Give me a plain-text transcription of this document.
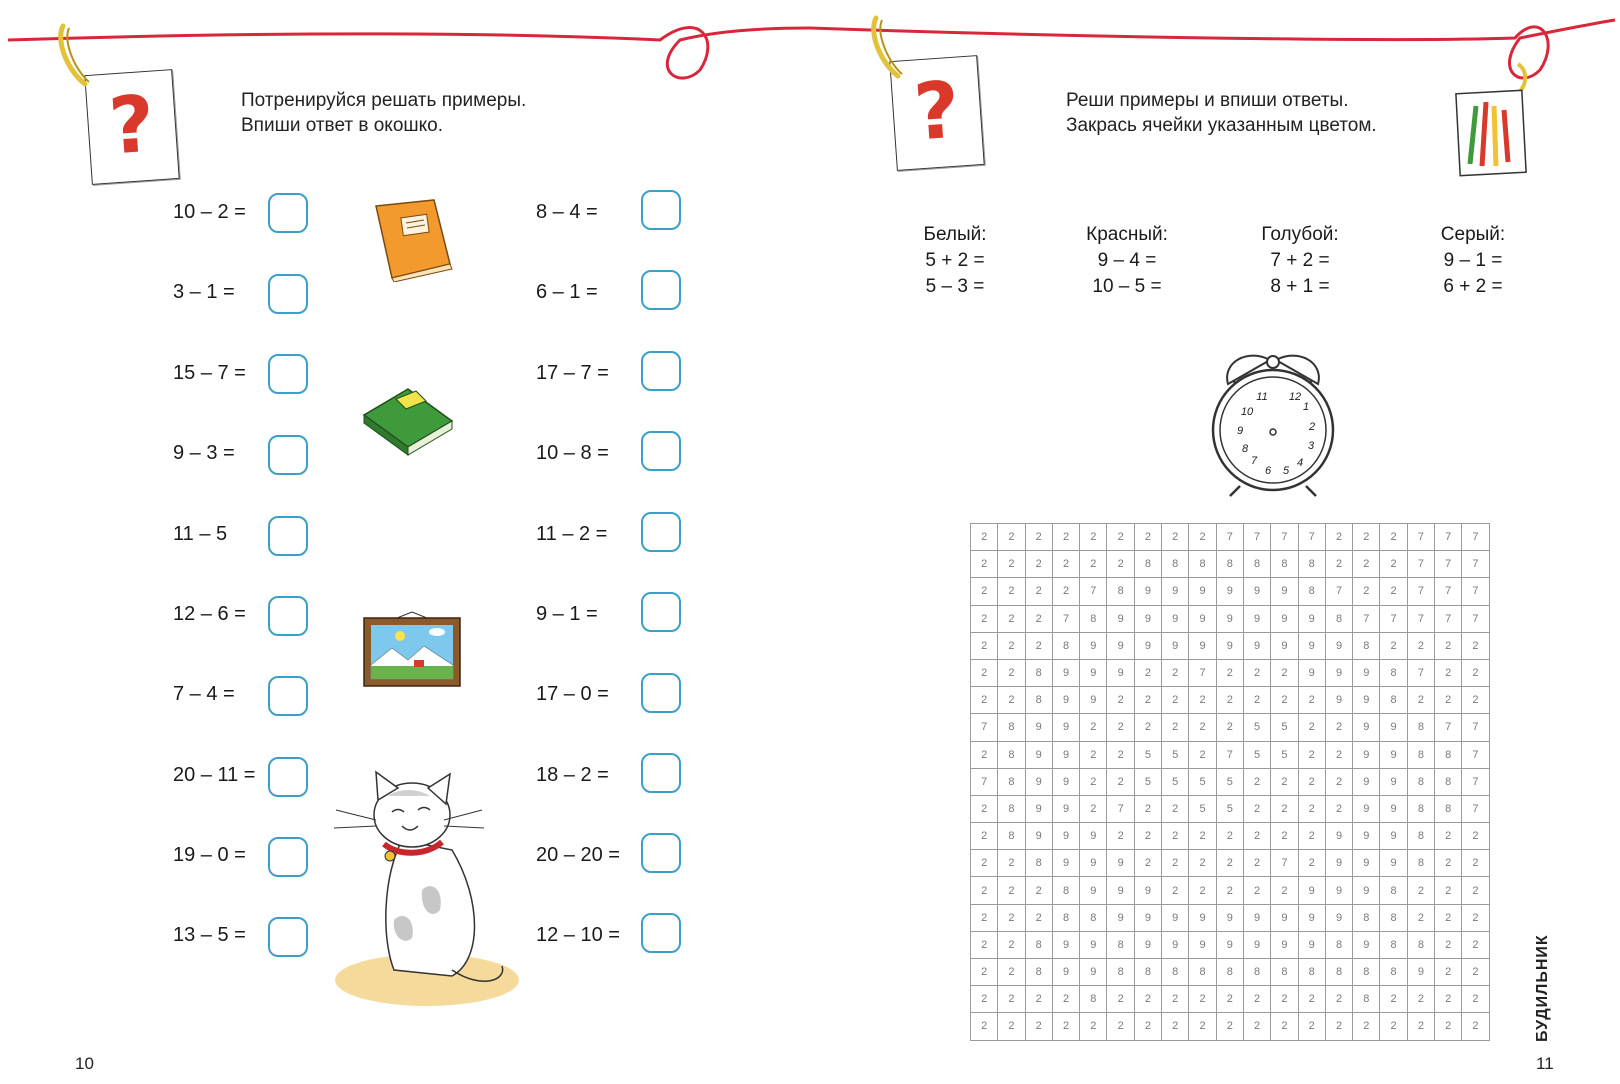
?	Потренируйся решать примеры.
Впиши ответ в окошко.
10 – 2 =
3 – 1 =
15 – 7 =
9 – 3 =
11 – 5
12 – 6 =
7 – 4 =
20 – 11 =
19 – 0 =
13 – 5 =
8 – 4 =
6 – 1 =
17 – 7 =
10 – 8 =
11 – 2 =
9 – 1 =
17 – 0 =
18 – 2 =
20 – 20 =
12 – 10 =
10
?	Реши примеры и впиши ответы.
Закрась ячейки указанным цветом.
Белый:
5 + 2 =
5 – 3 =
Красный:
9 – 4 =
10 – 5 =
Голубой:
7 + 2 =
8 + 1 =
Серый:
9 – 1 =
6 + 2 =
12
1
2
3
4
5
6
7
8
9
10
11
2	2	2	2	2	2	2	2	2	7	7	7	7	2	2	2	7	7	7
2	2	2	2	2	2	8	8	8	8	8	8	8	2	2	2	7	7	7
2	2	2	2	7	8	9	9	9	9	9	9	8	7	2	2	7	7	7
2	2	2	7	8	9	9	9	9	9	9	9	9	8	7	7	7	7	7
2	2	2	8	9	9	9	9	9	9	9	9	9	9	8	2	2	2	2
2	2	8	9	9	9	2	2	7	2	2	2	9	9	9	8	7	2	2
2	2	8	9	9	2	2	2	2	2	2	2	2	9	9	8	2	2	2
7	8	9	9	2	2	2	2	2	2	5	5	2	2	9	9	8	7	7
2	8	9	9	2	2	5	5	2	7	5	5	2	2	9	9	8	8	7
7	8	9	9	2	2	5	5	5	5	2	2	2	2	9	9	8	8	7
2	8	9	9	2	7	2	2	5	5	2	2	2	2	9	9	8	8	7
2	8	9	9	9	2	2	2	2	2	2	2	2	9	9	9	8	2	2
2	2	8	9	9	9	2	2	2	2	2	7	2	9	9	9	8	2	2
2	2	2	8	9	9	9	2	2	2	2	2	9	9	9	8	2	2	2
2	2	2	8	8	9	9	9	9	9	9	9	9	9	8	8	2	2	2
2	2	8	9	9	8	9	9	9	9	9	9	9	8	9	8	8	2	2
2	2	8	9	9	8	8	8	8	8	8	8	8	8	8	8	9	2	2
2	2	2	2	8	2	2	2	2	2	2	2	2	2	8	2	2	2	2
2	2	2	2	2	2	2	2	2	2	2	2	2	2	2	2	2	2	2	БУДИЛЬНИК
11
